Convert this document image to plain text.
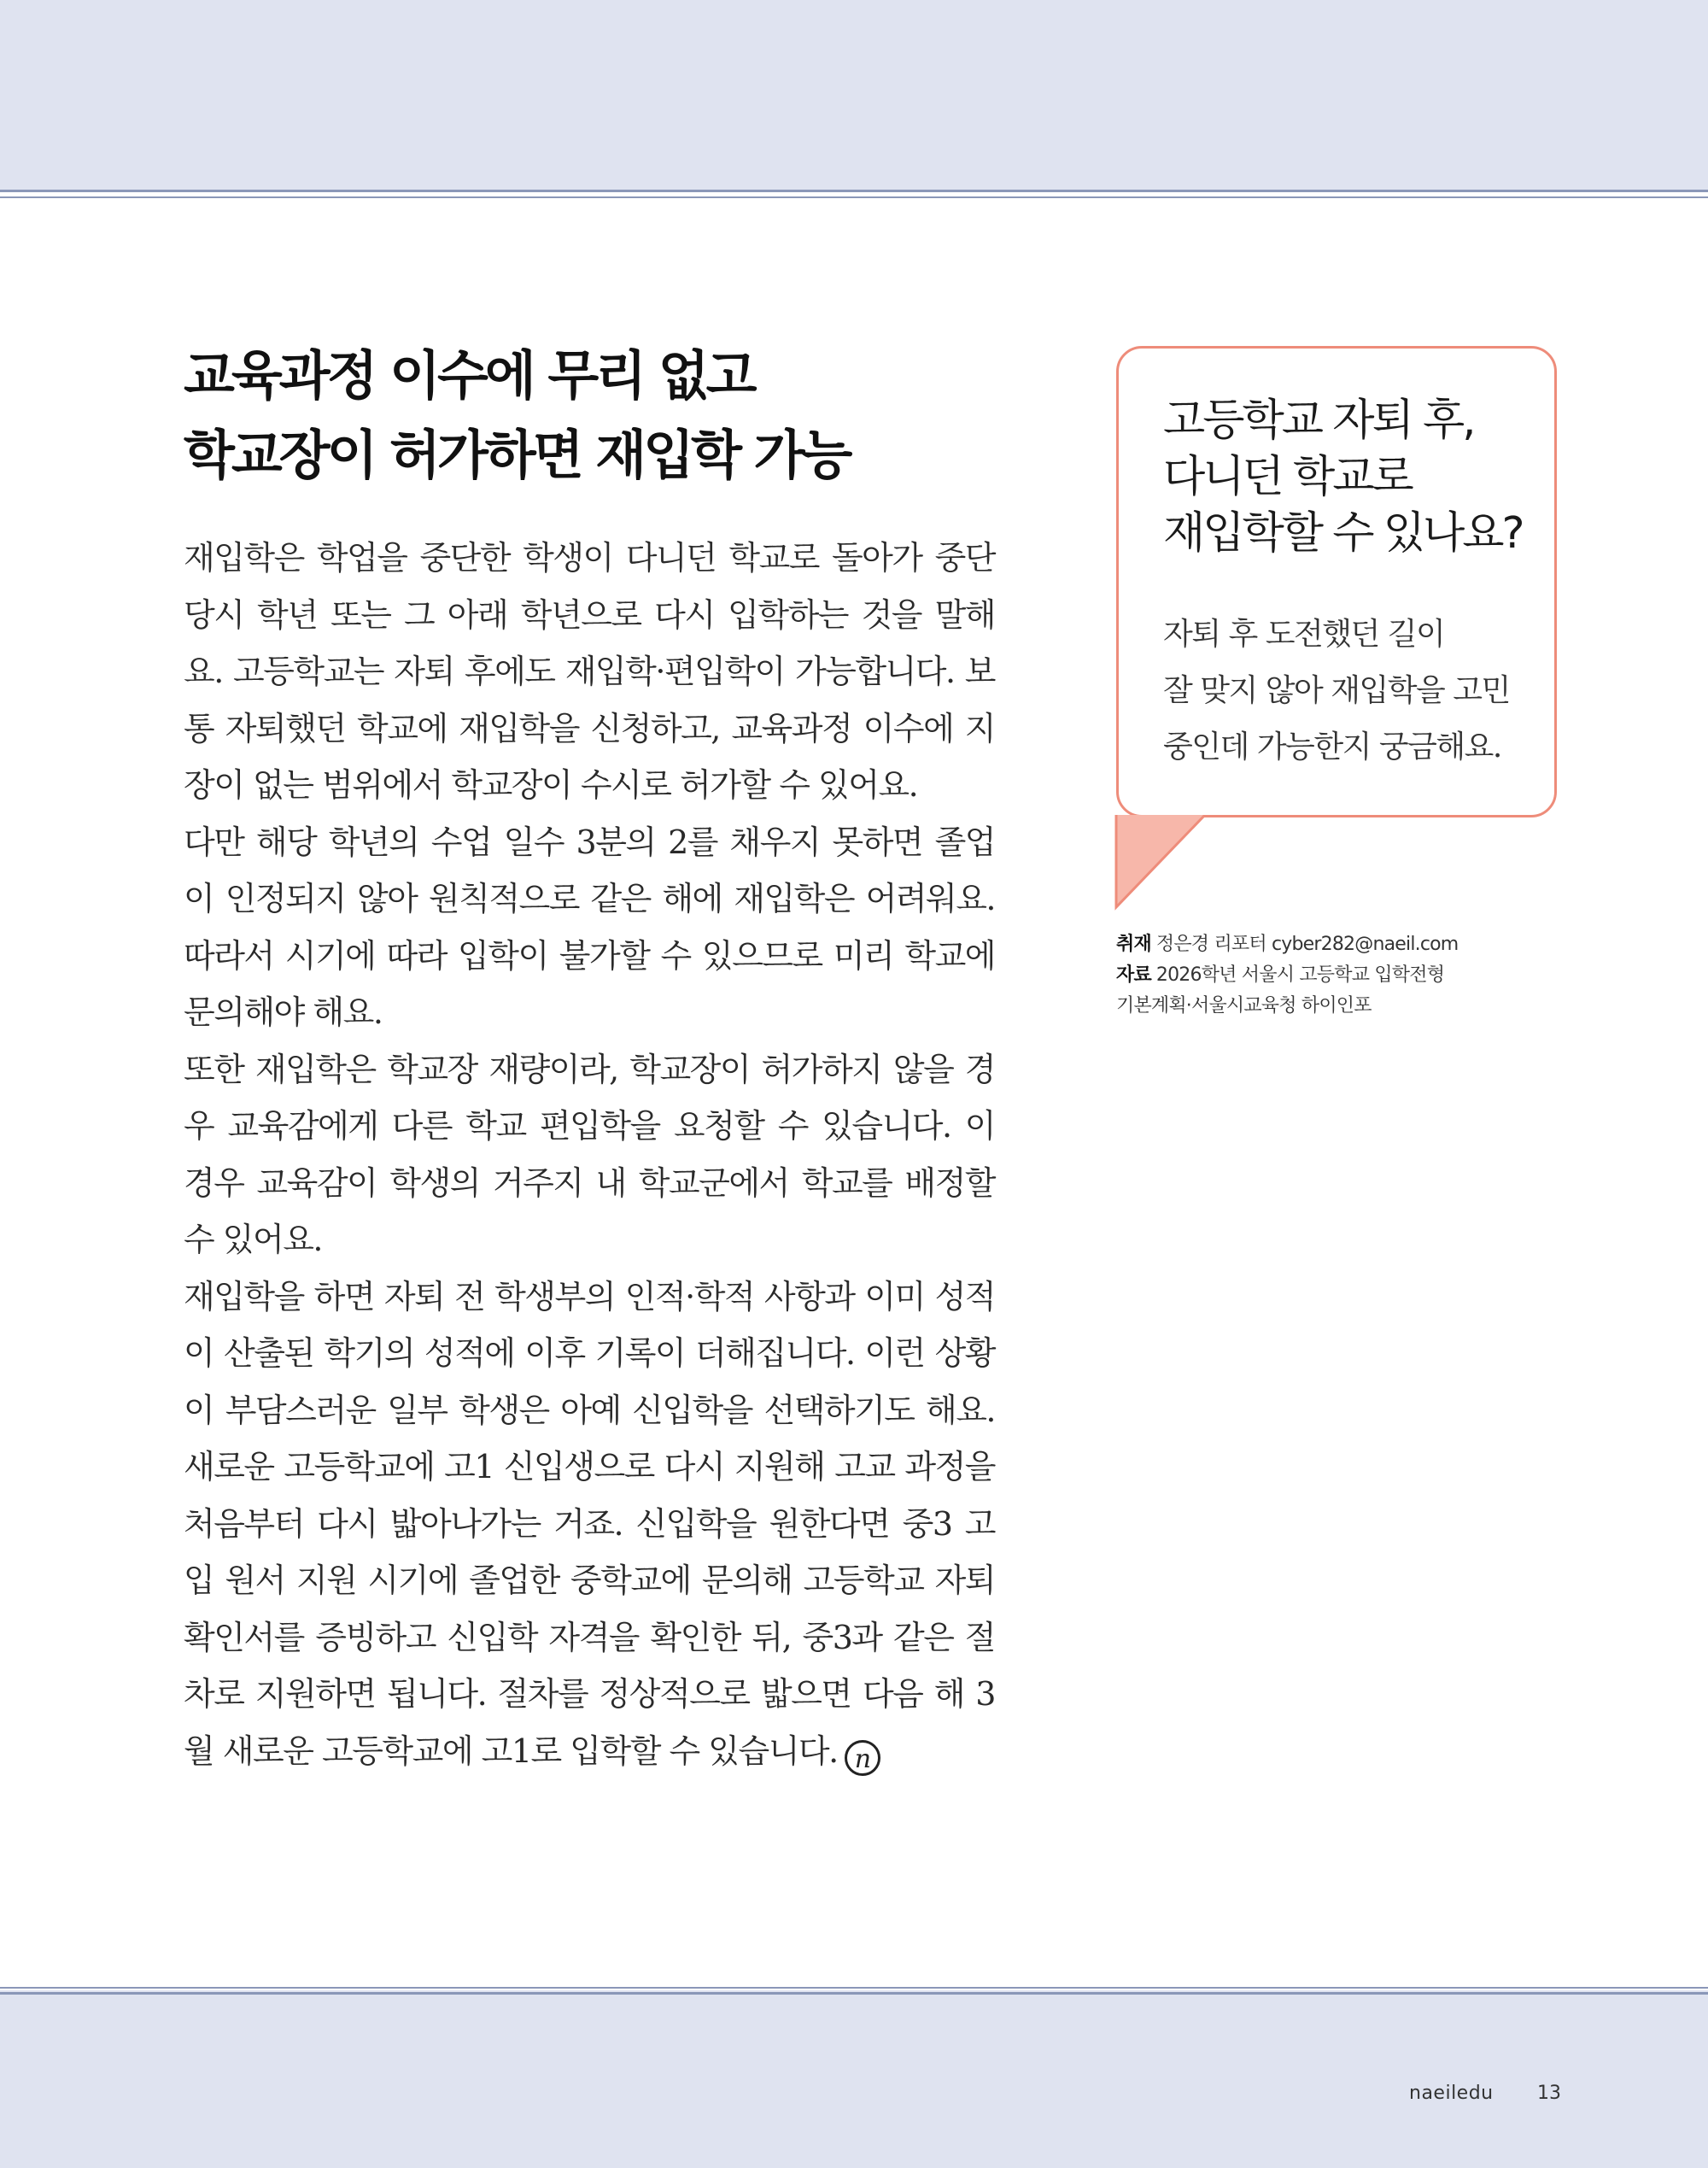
교육과정 이수에 무리 없고
학교장이 허가하면 재입학 가능

재입학은 학업을 중단한 학생이 다니던 학교로 돌아가 중단 당시 학년 또는 그 아래 학년으로 다시 입학하는 것을 말해요. 고등학교는 자퇴 후에도 재입학·편입학이 가능합니다. 보통 자퇴했던 학교에 재입학을 신청하고, 교육과정 이수에 지장이 없는 범위에서 학교장이 수시로 허가할 수 있어요.

다만 해당 학년의 수업 일수 3분의 2를 채우지 못하면 졸업이 인정되지 않아 원칙적으로 같은 해에 재입학은 어려워요. 따라서 시기에 따라 입학이 불가할 수 있으므로 미리 학교에 문의해야 해요.

또한 재입학은 학교장 재량이라, 학교장이 허가하지 않을 경우 교육감에게 다른 학교 편입학을 요청할 수 있습니다. 이 경우 교육감이 학생의 거주지 내 학교군에서 학교를 배정할 수 있어요.

재입학을 하면 자퇴 전 학생부의 인적·학적 사항과 이미 성적이 산출된 학기의 성적에 이후 기록이 더해집니다. 이런 상황이 부담스러운 일부 학생은 아예 신입학을 선택하기도 해요. 새로운 고등학교에 고1 신입생으로 다시 지원해 고교 과정을 처음부터 다시 밟아나가는 거죠. 신입학을 원한다면 중3 고입 원서 지원 시기에 졸업한 중학교에 문의해 고등학교 자퇴확인서를 증빙하고 신입학 자격을 확인한 뒤, 중3과 같은 절차로 지원하면 됩니다. 절차를 정상적으로 밟으면 다음 해 3월 새로운 고등학교에 고1로 입학할 수 있습니다. n

고등학교 자퇴 후,
다니던 학교로
재입학할 수 있나요?
자퇴 후 도전했던 길이
잘 맞지 않아 재입학을 고민
중인데 가능한지 궁금해요.
취재 정은경 리포터 cyber282@naeil.com
자료 2026학년 서울시 고등학교 입학전형
기본계획·서울시교육청 하이인포
naeiledu 13
